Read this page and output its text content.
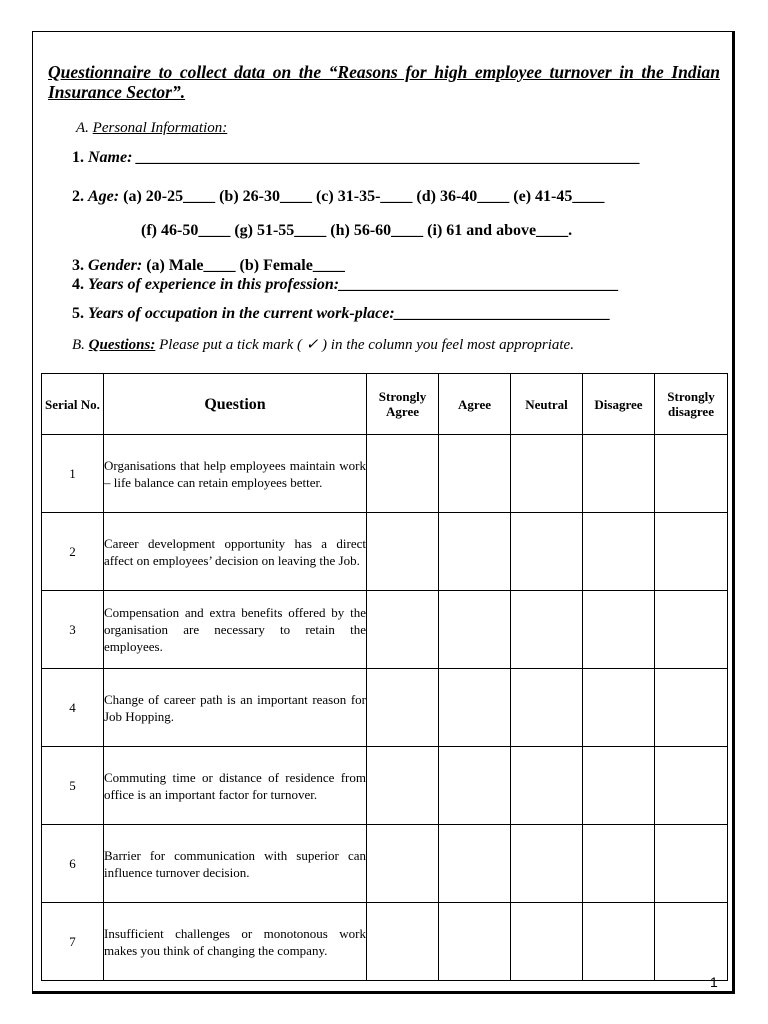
Questionnaire to collect data on the “Reasons for high employee turnover in the Indian Insurance Sector”.
A. Personal Information:
1. Name: _______________________________________________________________
2. Age: (a) 20-25____ (b) 26-30____ (c) 31-35-____ (d) 36-40____ (e) 41-45____
(f) 46-50____ (g) 51-55____ (h) 56-60____ (i) 61 and above____.
3. Gender: (a) Male____ (b) Female____
4. Years of experience in this profession:___________________________________
5. Years of occupation in the current work-place:___________________________
B. Questions: Please put a tick mark ( ✓ ) in the column you feel most appropriate.
Serial No.	Question	Strongly Agree	Agree	Neutral	Disagree	Strongly disagree
1	Organisations that help employees maintain work – life balance can retain employees better.					
2	Career development opportunity has a direct affect on employees’ decision on leaving the Job.					
3	Compensation and extra benefits offered by the organisation are necessary to retain the employees.					
4	Change of career path is an important reason for Job Hopping.					
5	Commuting time or distance of residence from office is an important factor for turnover.					
6	Barrier for communication with superior can influence turnover decision.					
7	Insufficient challenges or monotonous work makes you think of changing the company.					
1
